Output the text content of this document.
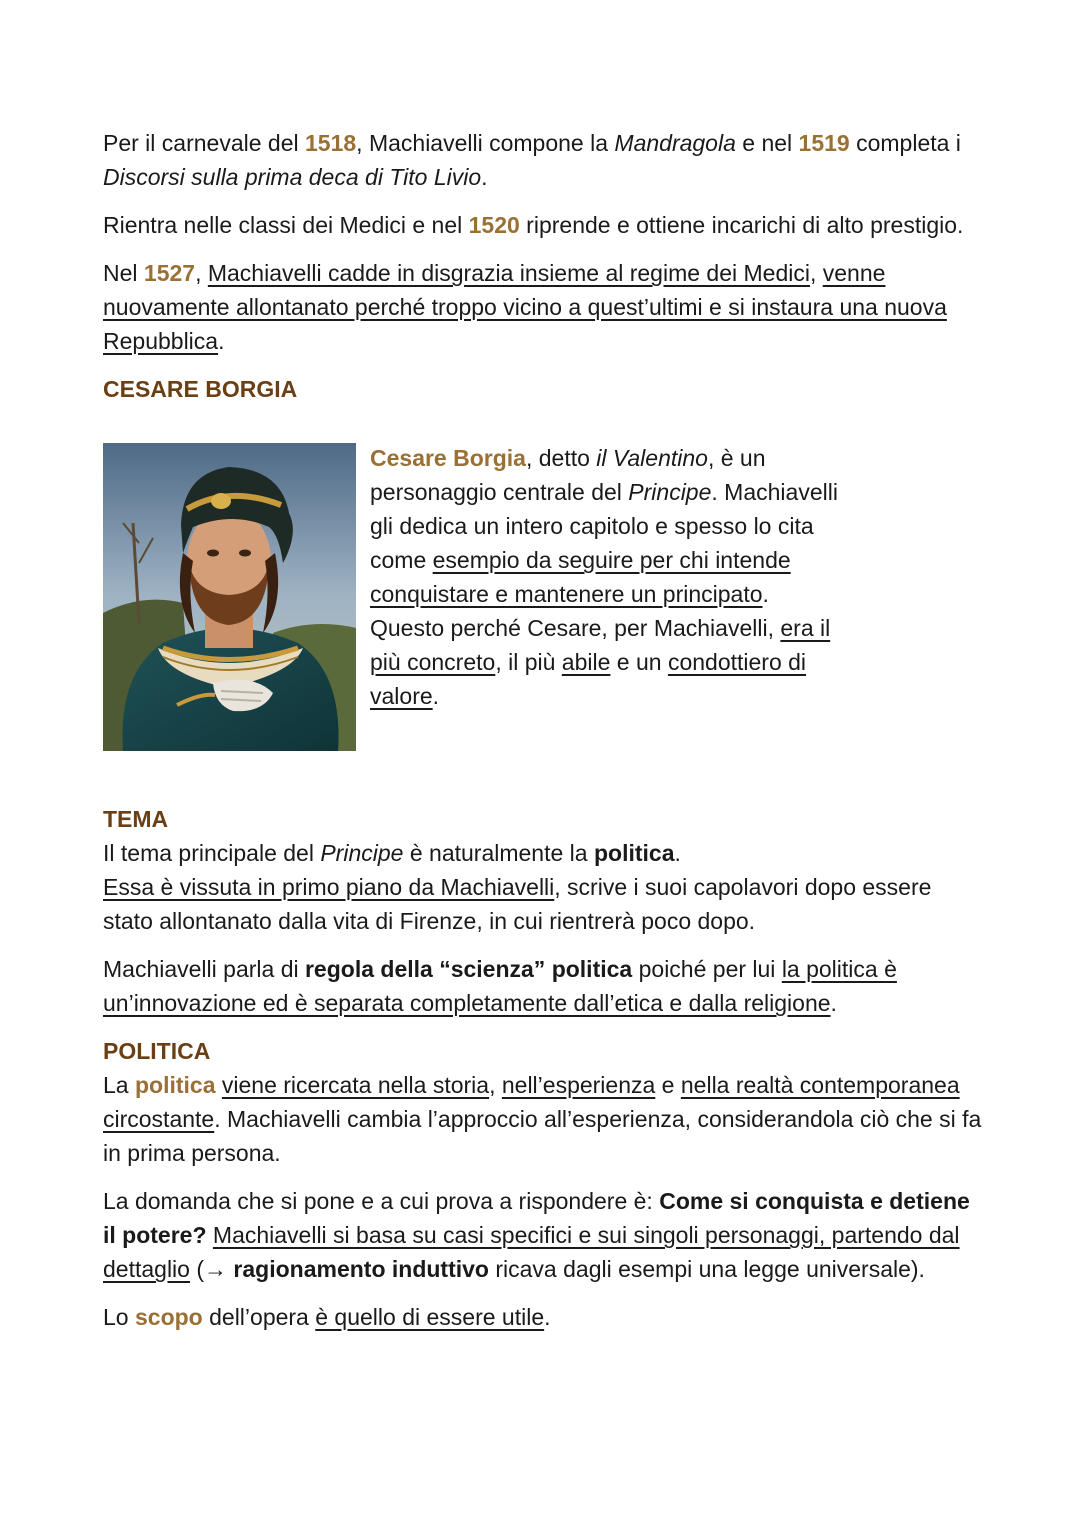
Per il carnevale del 1518, Machiavelli compone la Mandragola e nel 1519 completa i Discorsi sulla prima deca di Tito Livio.

Rientra nelle classi dei Medici e nel 1520 riprende e ottiene incarichi di alto prestigio.

Nel 1527, Machiavelli cadde in disgrazia insieme al regime dei Medici, venne nuovamente allontanato perché troppo vicino a quest’ultimi e si instaura una nuova Repubblica.

CESARE BORGIA

Cesare Borgia, detto il Valentino, è un personaggio centrale del Principe. Machiavelli gli dedica un intero capitolo e spesso lo cita come esempio da seguire per chi intende conquistare e mantenere un principato.

Questo perché Cesare, per Machiavelli, era il più concreto, il più abile e un condottiero di valore.

TEMA

Il tema principale del Principe è naturalmente la politica.
Essa è vissuta in primo piano da Machiavelli, scrive i suoi capolavori dopo essere stato allontanato dalla vita di Firenze, in cui rientrerà poco dopo.

Machiavelli parla di regola della “scienza” politica poiché per lui la politica è un’innovazione ed è separata completamente dall’etica e dalla religione.

POLITICA

La politica viene ricercata nella storia, nell’esperienza e nella realtà contemporanea circostante. Machiavelli cambia l’approccio all’esperienza, considerandola ciò che si fa in prima persona.

La domanda che si pone e a cui prova a rispondere è: Come si conquista e detiene il potere? Machiavelli si basa su casi specifici e sui singoli personaggi, partendo dal dettaglio (→ ragionamento induttivo ricava dagli esempi una legge universale).

Lo scopo dell’opera è quello di essere utile.
